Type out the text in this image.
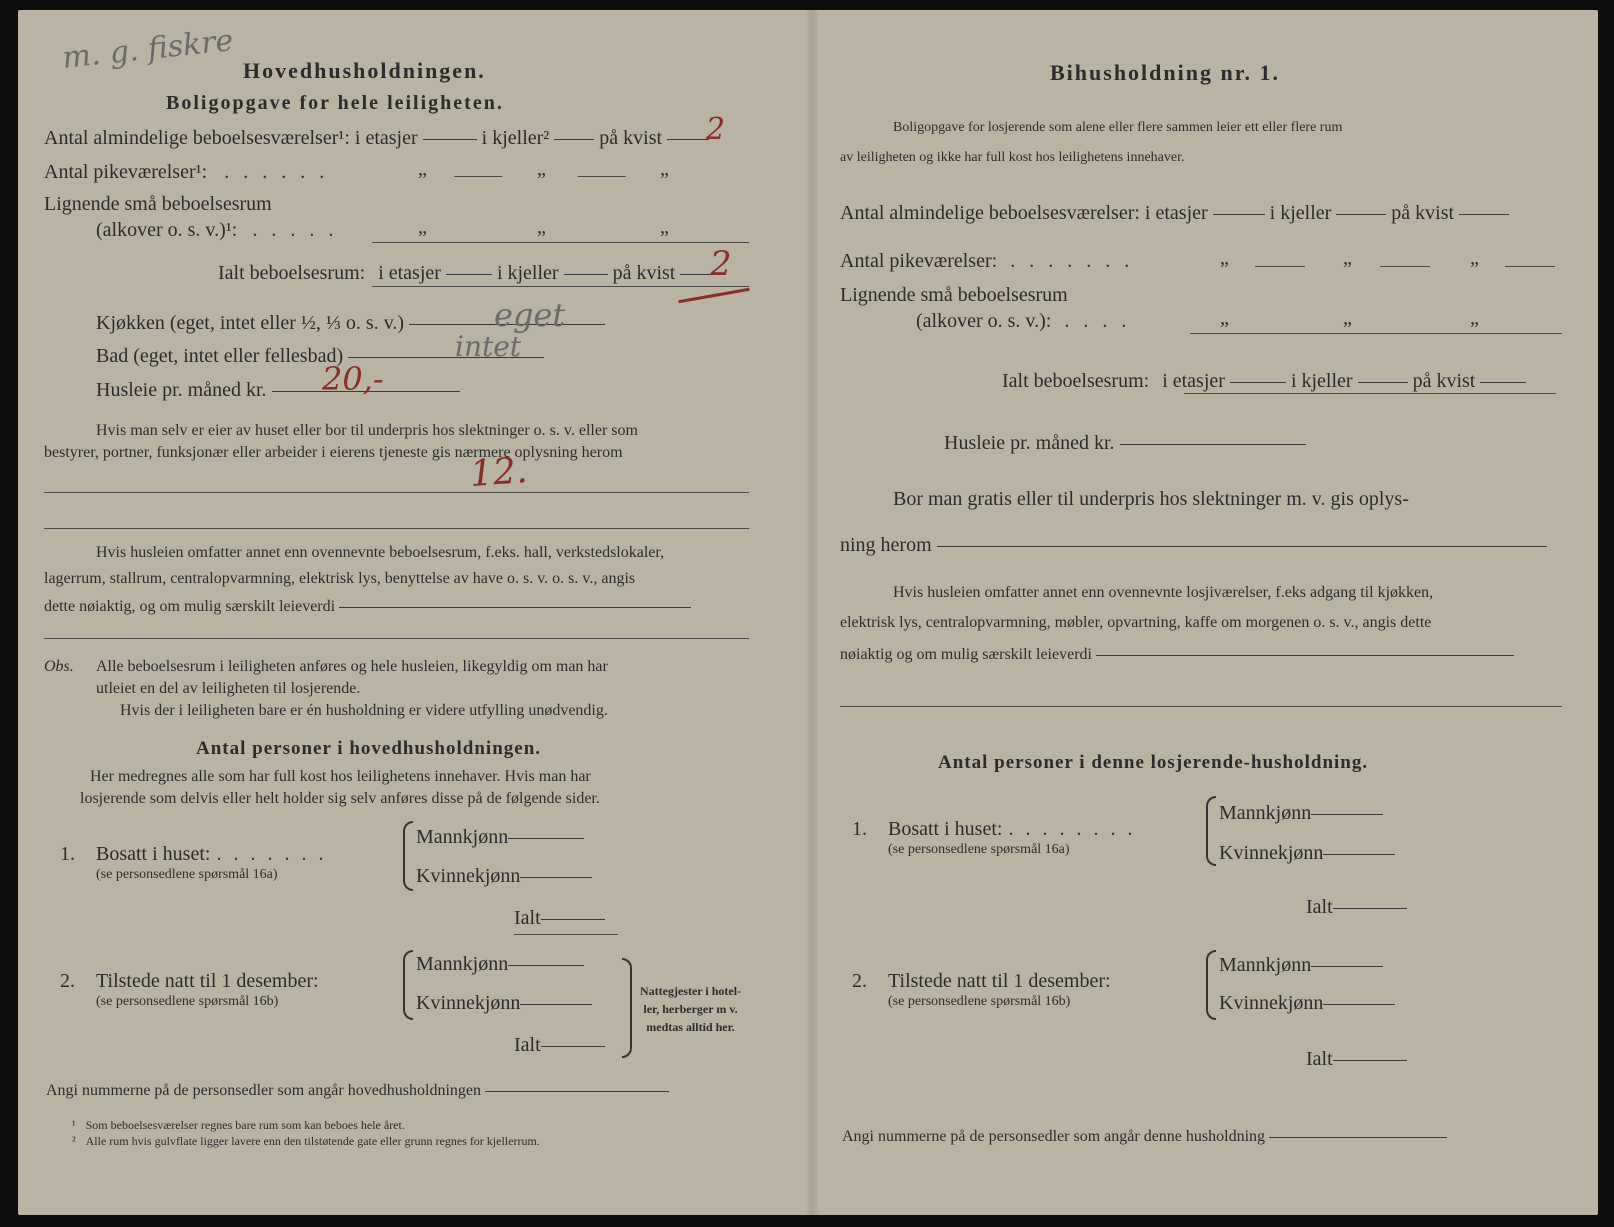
m. g. fiskre Hovedhusholdningen.
Boligopgave for hele leiligheten.
Antal almindelige beboelsesværelser¹: i etasjer	i kjeller²	på kvist	2
Antal pikeværelser¹: ......	„	„	„
Lignende små beboelsesrum
(alkover o. s. v.)¹: .....	„	„	„
Ialt beboelsesrum: i etasjer	i kjeller	på kvist	2
Kjøkken (eget, intet eller ½, ⅓ o. s. v.)	eget
Bad (eget, intet eller fellesbad)	intet
Husleie pr. måned kr.	20,-
Hvis man selv er eier av huset eller bor til underpris hos slektninger o. s. v. eller som
bestyrer, portner, funksjonær eller arbeider i eierens tjeneste gis nærmere oplysning herom
12.
Hvis husleien omfatter annet enn ovennevnte beboelsesrum, f.eks. hall, verkstedslokaler,
lagerrum, stallrum, centralopvarmning, elektrisk lys, benyttelse av have o. s. v. o. s. v., angis
dette nøiaktig, og om mulig særskilt leieverdi
Obs. Alle beboelsesrum i leiligheten anføres og hele husleien, likegyldig om man har
utleiet en del av leiligheten til losjerende.
Hvis der i leiligheten bare er én husholdning er videre utfylling unødvendig.
Antal personer i hovedhusholdningen.
Her medregnes alle som har full kost hos leilighetens innehaver. Hvis man har
losjerende som delvis eller helt holder sig selv anføres disse på de følgende sider.
1. Bosatt i huset: .......
(se personsedlene spørsmål 16a)
Mannkjønn
Kvinnekjønn
Ialt
2. Tilstede natt til 1 desember:
(se personsedlene spørsmål 16b)
Mannkjønn
Kvinnekjønn
Ialt
Nattegjester i hotel-
ler, herberger m v.
medtas alltid her.
Angi nummerne på de personsedler som angår hovedhusholdningen
¹ Som beboelsesværelser regnes bare rum som kan beboes hele året.
² Alle rum hvis gulvflate ligger lavere enn den tilstøtende gate eller grunn regnes for kjellerrum.
Bihusholdning nr. 1.
Boligopgave for losjerende som alene eller flere sammen leier ett eller flere rum
av leiligheten og ikke har full kost hos leilighetens innehaver.
Antal almindelige beboelsesværelser: i etasjer	i kjeller	på kvist
Antal pikeværelser: .......	„	„	„
Lignende små beboelsesrum
(alkover o. s. v.): ....	„	„	„
Ialt beboelsesrum: i etasjer	i kjeller	på kvist
Husleie pr. måned kr.
Bor man gratis eller til underpris hos slektninger m. v. gis oplys-
ning herom
Hvis husleien omfatter annet enn ovennevnte losjiværelser, f.eks adgang til kjøkken,
elektrisk lys, centralopvarmning, møbler, opvartning, kaffe om morgenen o. s. v., angis dette
nøiaktig og om mulig særskilt leieverdi
Antal personer i denne losjerende-husholdning.
1. Bosatt i huset: ........
(se personsedlene spørsmål 16a)
Mannkjønn
Kvinnekjønn
Ialt
2. Tilstede natt til 1 desember:
(se personsedlene spørsmål 16b)
Mannkjønn
Kvinnekjønn
Ialt
Angi nummerne på de personsedler som angår denne husholdning
